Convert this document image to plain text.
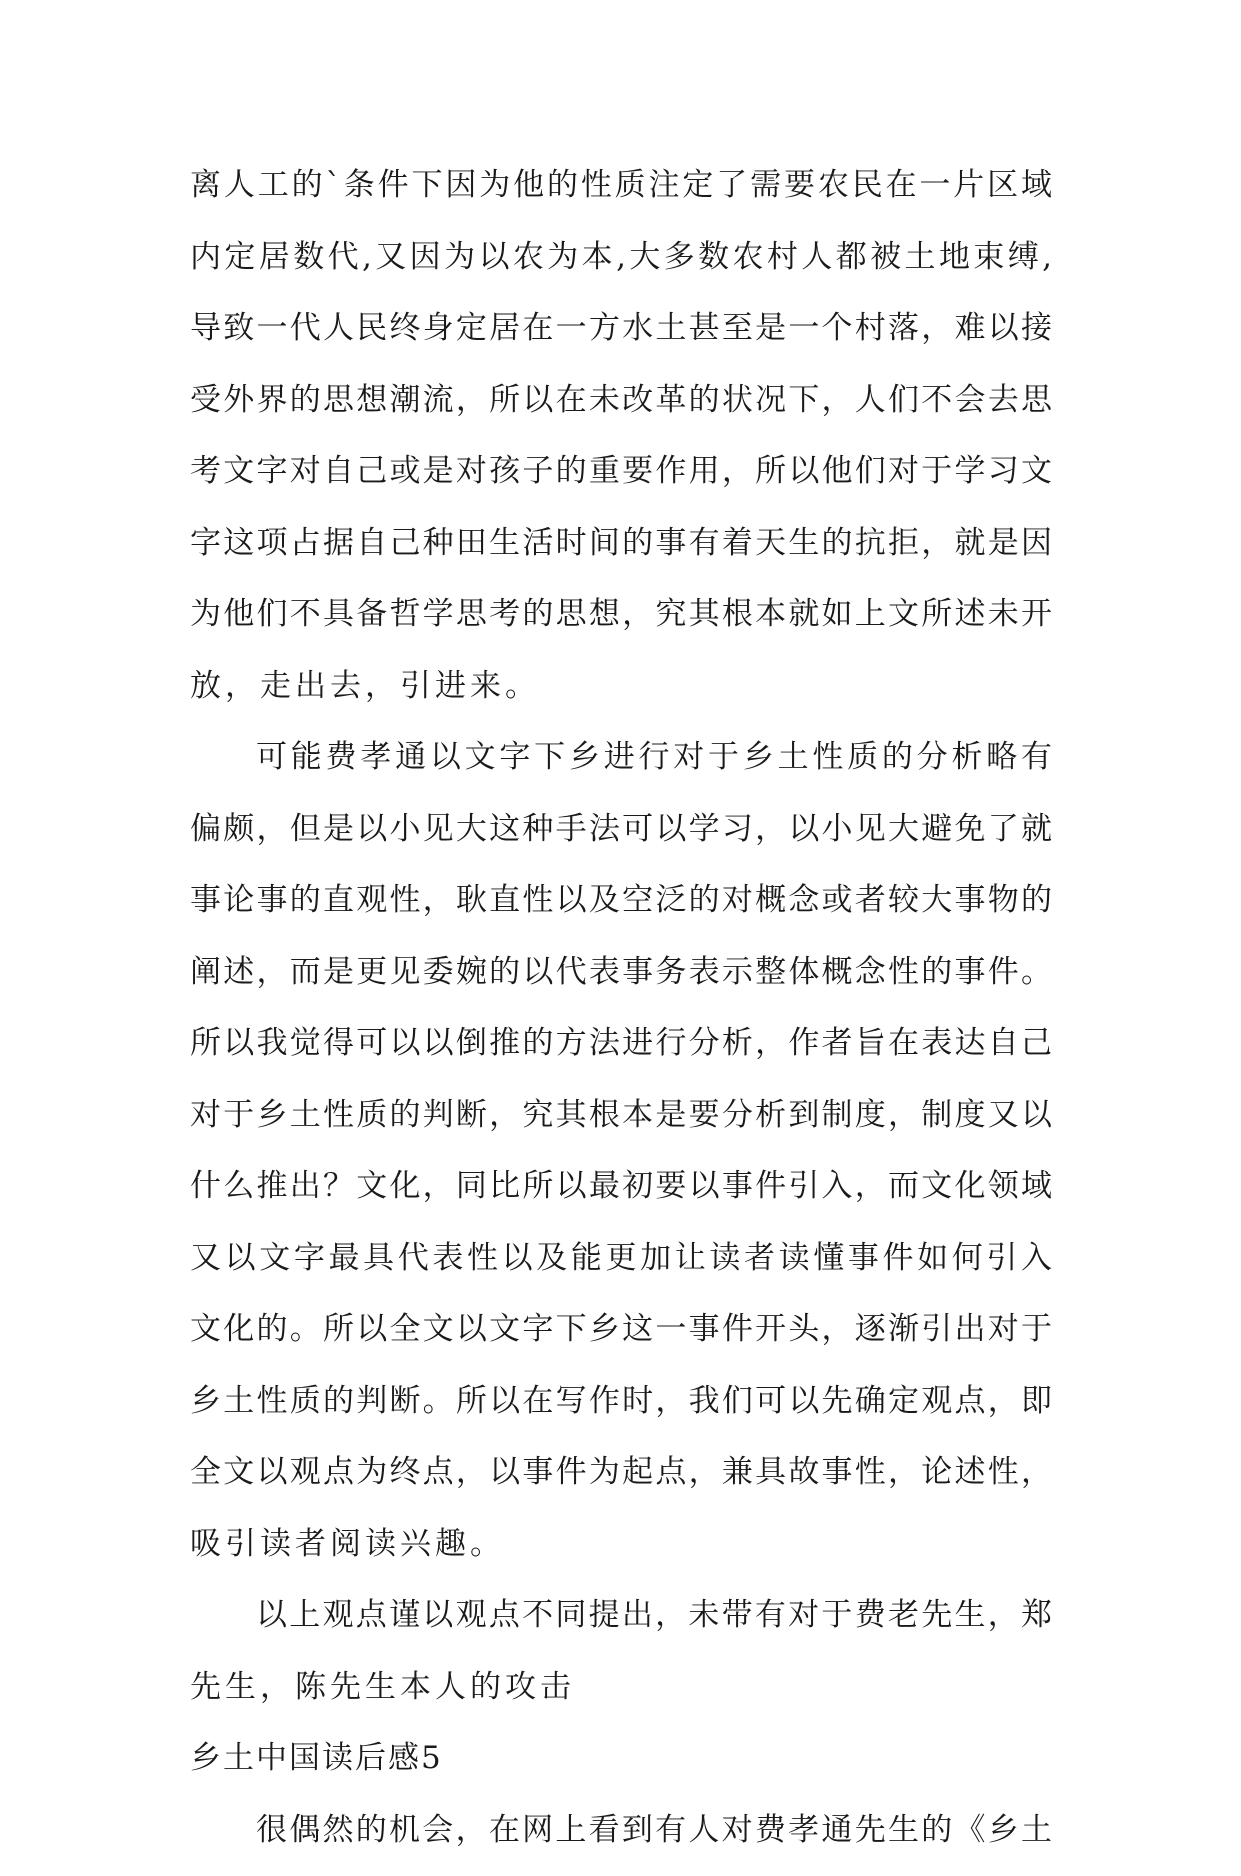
离人工的`条件下因为他的性质注定了需要农民在一片区域
内定居数代,又因为以农为本,大多数农村人都被土地束缚,
导致一代人民终身定居在一方水土甚至是一个村落，难以接
受外界的思想潮流，所以在未改革的状况下，人们不会去思
考文字对自己或是对孩子的重要作用，所以他们对于学习文
字这项占据自己种田生活时间的事有着天生的抗拒，就是因
为他们不具备哲学思考的思想，究其根本就如上文所述未开
放，走出去，引进来。
可能费孝通以文字下乡进行对于乡土性质的分析略有
偏颇，但是以小见大这种手法可以学习，以小见大避免了就
事论事的直观性，耿直性以及空泛的对概念或者较大事物的
阐述，而是更见委婉的以代表事务表示整体概念性的事件。
所以我觉得可以以倒推的方法进行分析，作者旨在表达自己
对于乡土性质的判断，究其根本是要分析到制度，制度又以
什么推出？文化，同比所以最初要以事件引入，而文化领域
又以文字最具代表性以及能更加让读者读懂事件如何引入
文化的。所以全文以文字下乡这一事件开头，逐渐引出对于
乡土性质的判断。所以在写作时，我们可以先确定观点，即
全文以观点为终点，以事件为起点，兼具故事性，论述性，
吸引读者阅读兴趣。
以上观点谨以观点不同提出，未带有对于费老先生，郑
先生，陈先生本人的攻击
乡土中国读后感5
很偶然的机会，在网上看到有人对费孝通先生的《乡土
